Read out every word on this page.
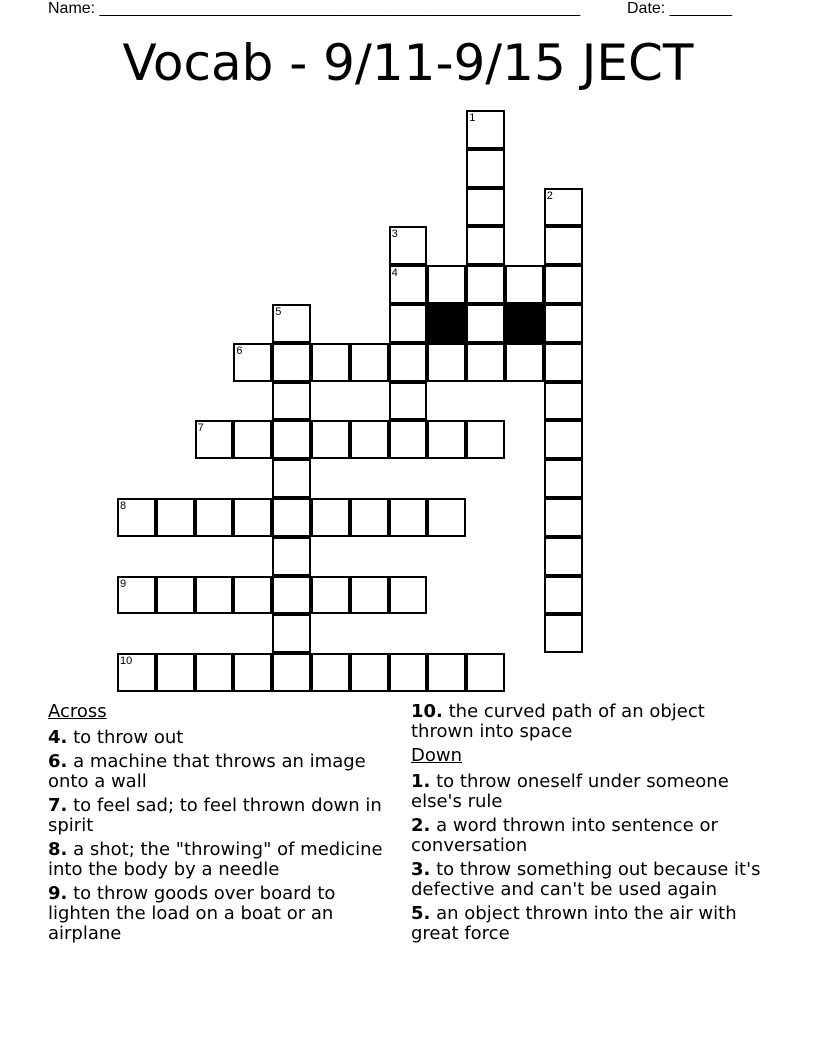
Name: ______________________________________________________	Date: _______
Vocab - 9/11-9/15 JECT
1
2
3
4
5
6
7
8
9
10
Across
4. to throw out
6. a machine that throws an image onto a wall
7. to feel sad; to feel thrown down in spirit
8. a shot; the "throwing" of medicine into the body by a needle
9. to throw goods over board to lighten the load on a boat or an airplane
10. the curved path of an object thrown into space
Down
1. to throw oneself under someone else's rule
2. a word thrown into sentence or conversation
3. to throw something out because it's defective and can't be used again
5. an object thrown into the air with great force
